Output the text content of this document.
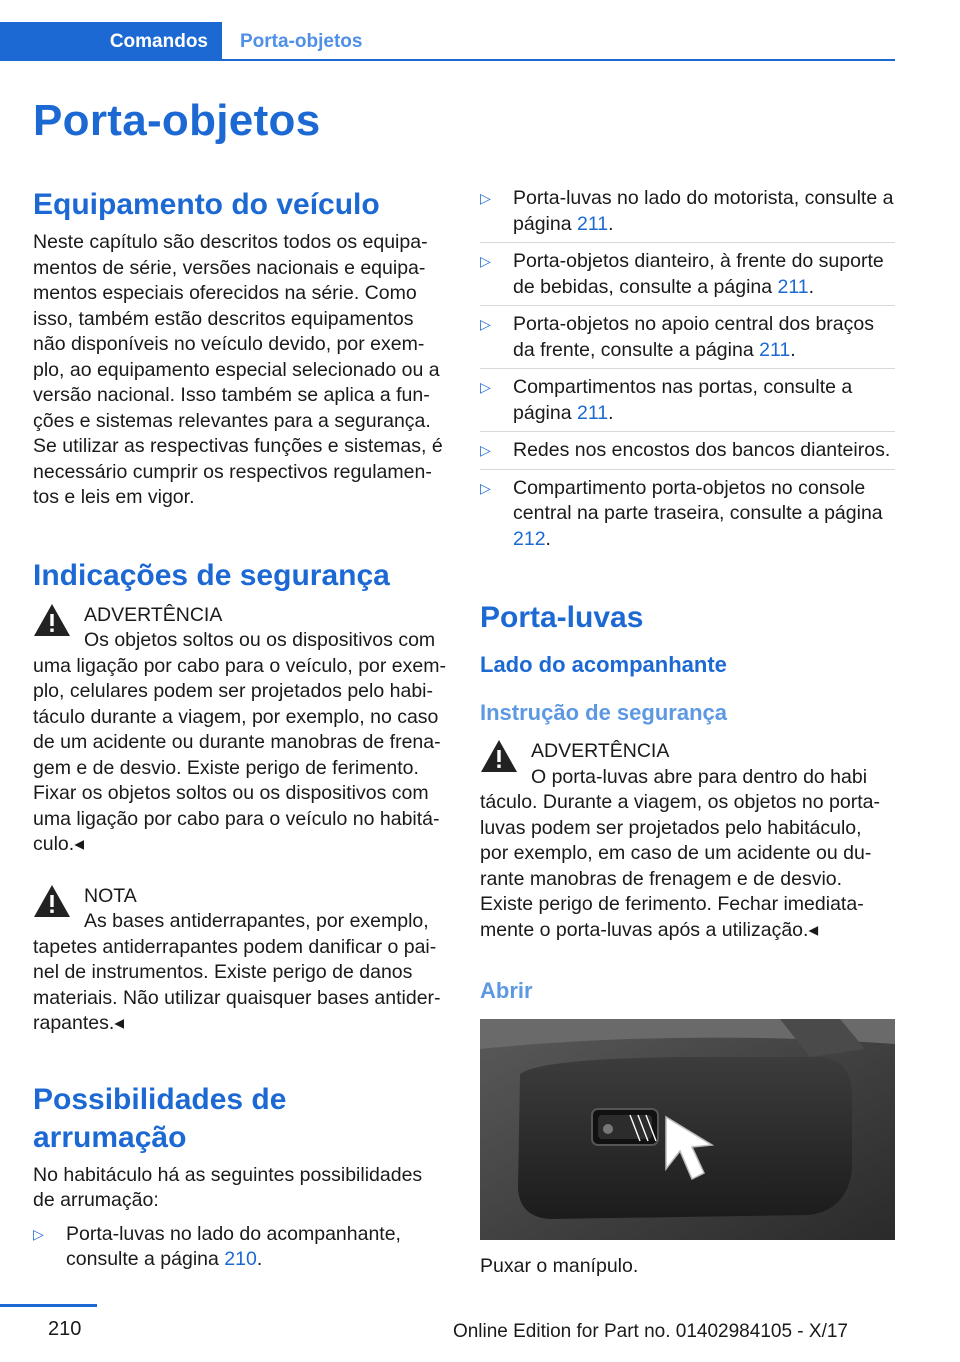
Comandos Porta-objetos
Porta-objetos
Equipamento do veículo

Neste capítulo são descritos todos os equipamentos de série, versões nacionais e equipamentos especiais oferecidos na série. Como isso, também estão descritos equipamentos não disponíveis no veículo devido, por exemplo, ao equipamento especial selecionado ou a versão nacional. Isso também se aplica a funções e sistemas relevantes para a segurança. Se utilizar as respectivas funções e sistemas, é necessário cumprir os respectivos regulamentos e leis em vigor.

Indicações de segurança

ADVERTÊNCIA
Os objetos soltos ou os dispositivos com

uma ligação por cabo para o veículo, por exemplo, celulares podem ser projetados pelo habitáculo durante a viagem, por exemplo, no caso de um acidente ou durante manobras de frenagem e de desvio. Existe perigo de ferimento. Fixar os objetos soltos ou os dispositivos com uma ligação por cabo para o veículo no habitáculo.◂

NOTA
As bases antiderrapantes, por exemplo,

tapetes antiderrapantes podem danificar o painel de instrumentos. Existe perigo de danos materiais. Não utilizar quaisquer bases antiderrapantes.◂

Possibilidades de arrumação

No habitáculo há as seguintes possibilidades de arrumação:

▷ Porta-luvas no lado do acompanhante, consulte a página 210.
▷ Porta-luvas no lado do motorista, consulte a página 211.
▷ Porta-objetos dianteiro, à frente do suporte de bebidas, consulte a página 211.
▷ Porta-objetos no apoio central dos braços da frente, consulte a página 211.
▷ Compartimentos nas portas, consulte a página 211.
▷ Redes nos encostos dos bancos dianteiros.
▷ Compartimento porta-objetos no console central na parte traseira, consulte a página 212.
Porta-luvas
Lado do acompanhante
Instrução de segurança

ADVERTÊNCIA
O porta-luvas abre para dentro do habi

táculo. Durante a viagem, os objetos no porta-luvas podem ser projetados pelo habitáculo, por exemplo, em caso de um acidente ou durante manobras de frenagem e de desvio. Existe perigo de ferimento. Fechar imediatamente o porta-luvas após a utilização.◂

Abrir

Puxar o manípulo.

210	Online Edition for Part no. 01402984105 - X/17
